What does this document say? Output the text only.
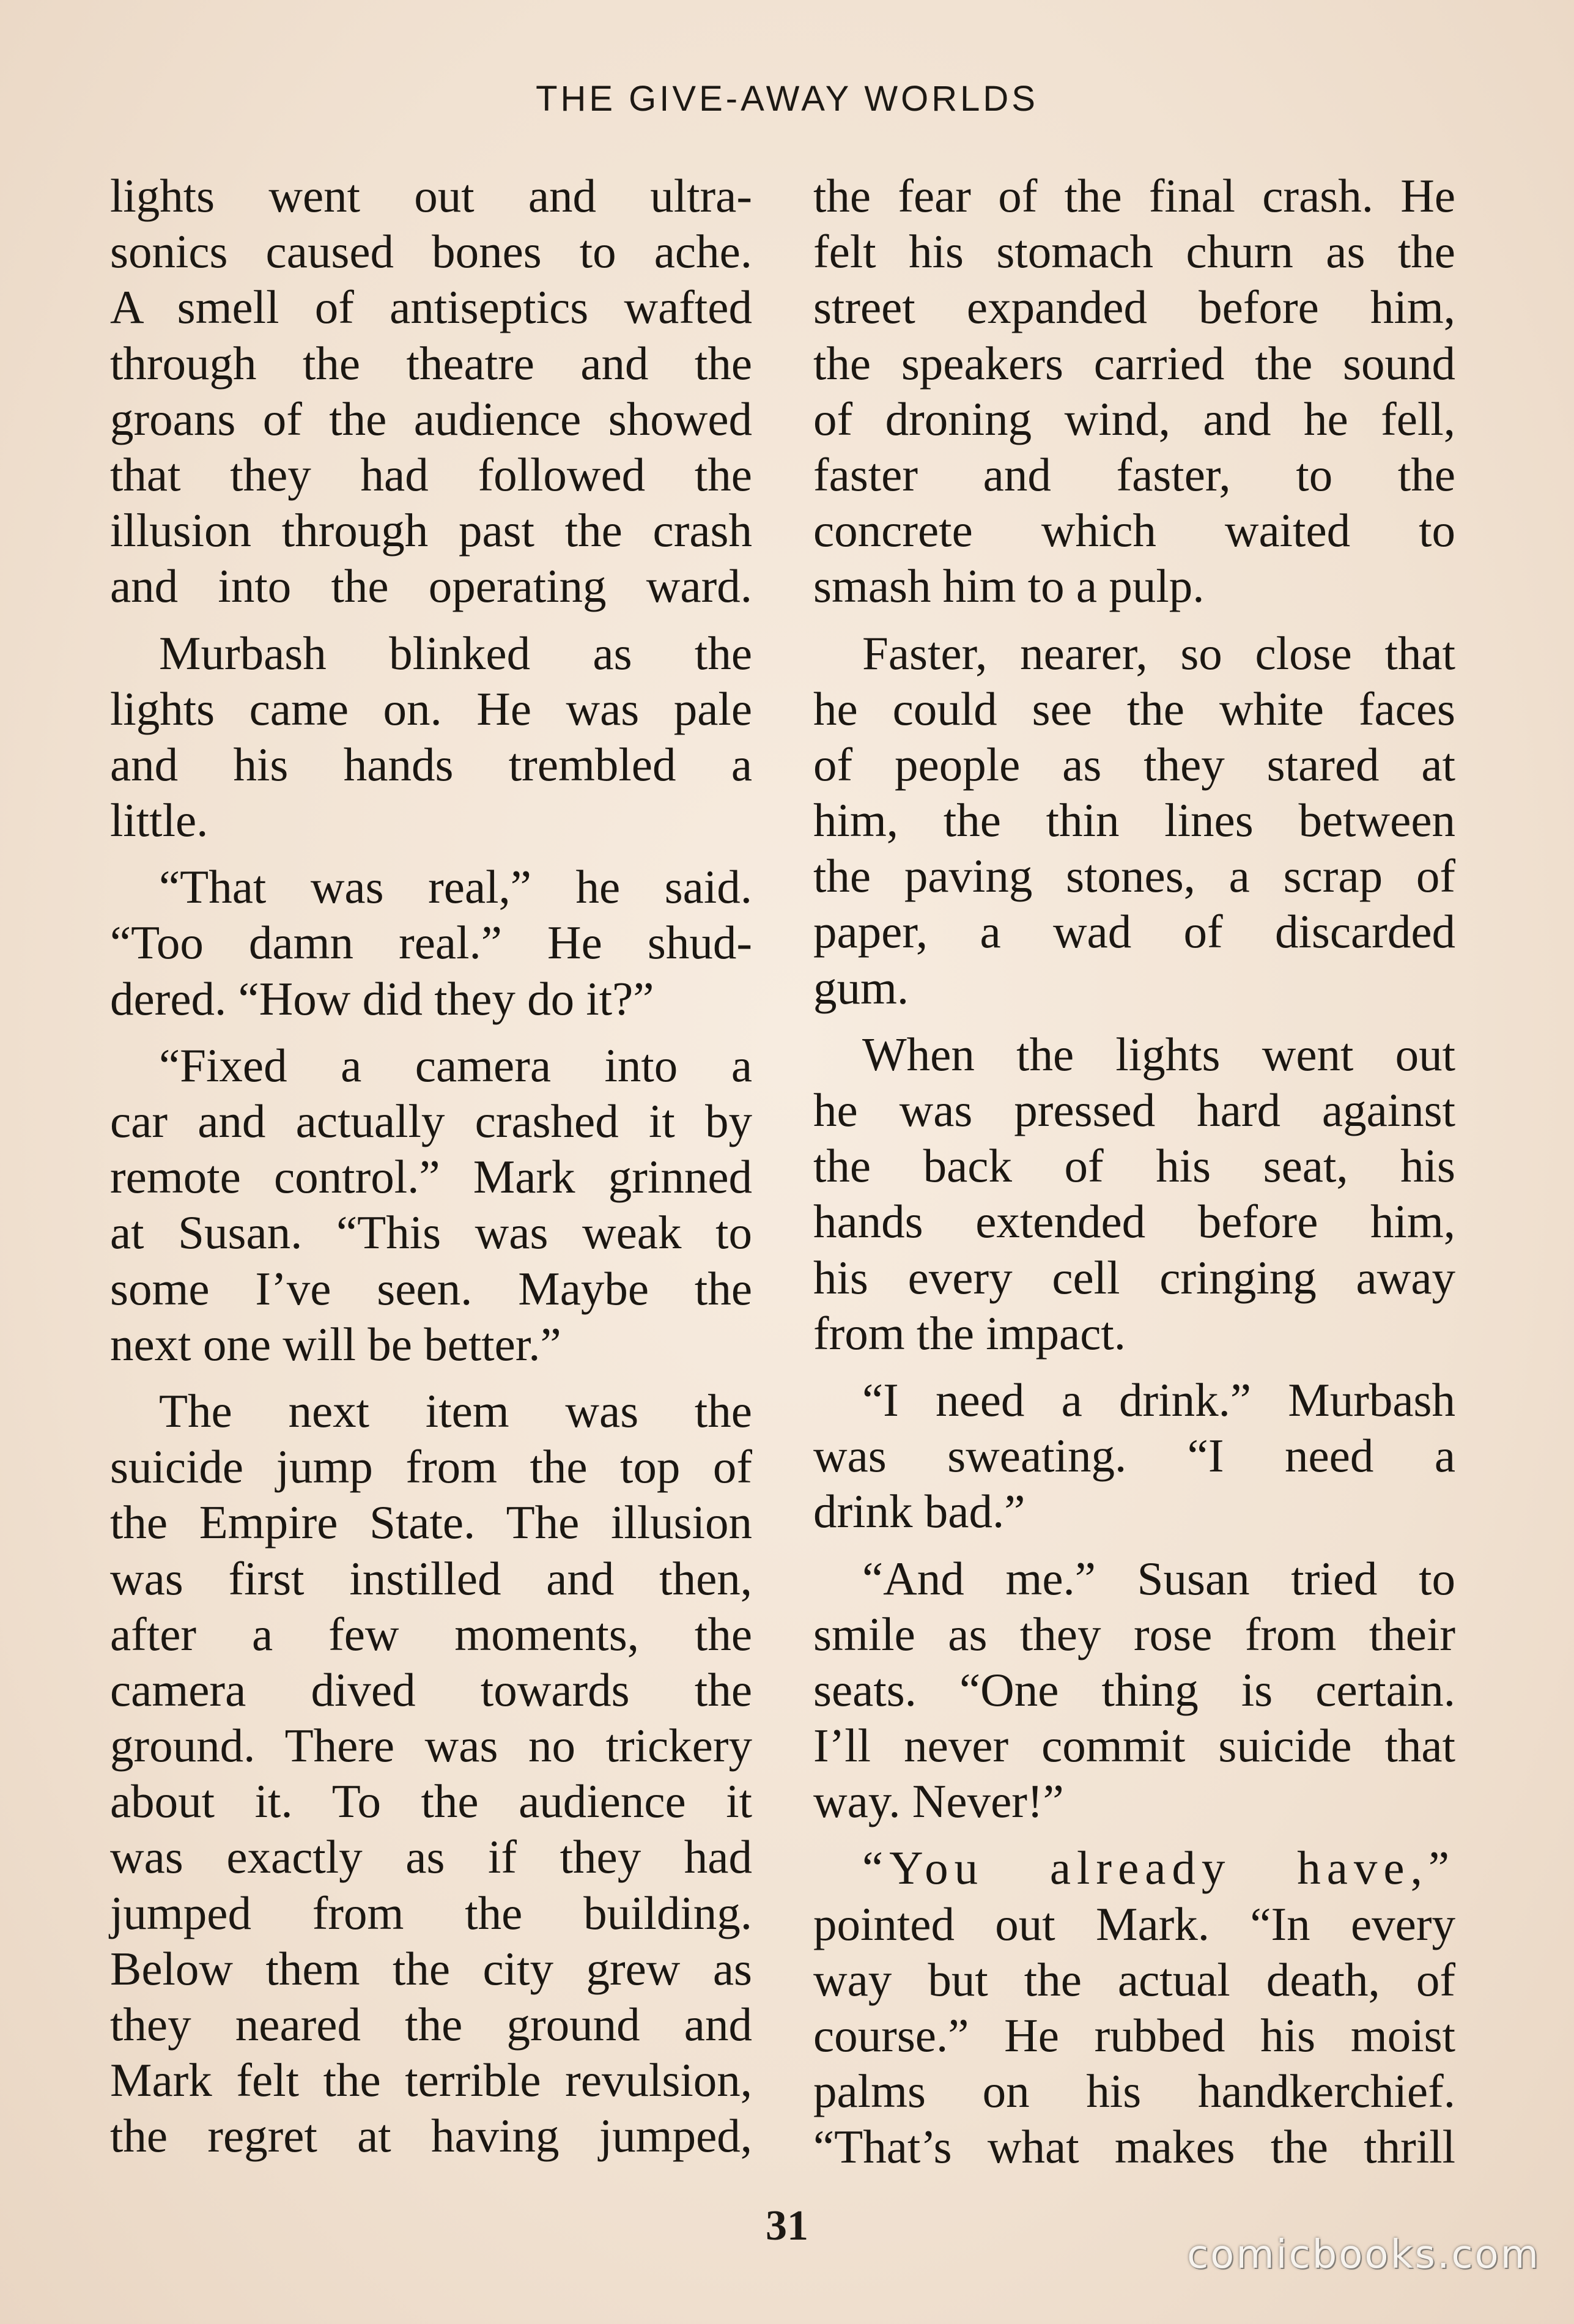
THE GIVE-AWAY WORLDS
lights went out and ultra-
sonics caused bones to ache.
A smell of antiseptics wafted
through the theatre and the
groans of the audience showed
that they had followed the
illusion through past the crash
and into the operating ward.
Murbash blinked as the
lights came on. He was pale
and his hands trembled a
little.
“That was real,” he said.
“Too damn real.” He shud-
dered. “How did they do it?”
“Fixed a camera into a
car and actually crashed it by
remote control.” Mark grinned
at Susan. “This was weak to
some I’ve seen. Maybe the
next one will be better.”
The next item was the
suicide jump from the top of
the Empire State. The illusion
was first instilled and then,
after a few moments, the
camera dived towards the
ground. There was no trickery
about it. To the audience it
was exactly as if they had
jumped from the building.
Below them the city grew as
they neared the ground and
Mark felt the terrible revulsion,
the regret at having jumped,
the fear of the final crash. He
felt his stomach churn as the
street expanded before him,
the speakers carried the sound
of droning wind, and he fell,
faster and faster, to the
concrete which waited to
smash him to a pulp.
Faster, nearer, so close that
he could see the white faces
of people as they stared at
him, the thin lines between
the paving stones, a scrap of
paper, a wad of discarded
gum.
When the lights went out
he was pressed hard against
the back of his seat, his
hands extended before him,
his every cell cringing away
from the impact.
“I need a drink.” Murbash
was sweating. “I need a
drink bad.”
“And me.” Susan tried to
smile as they rose from their
seats. “One thing is certain.
I’ll never commit suicide that
way. Never!”
“You already have,”
pointed out Mark. “In every
way but the actual death, of
course.” He rubbed his moist
palms on his handkerchief.
“That’s what makes the thrill
31
comicbooks.com
